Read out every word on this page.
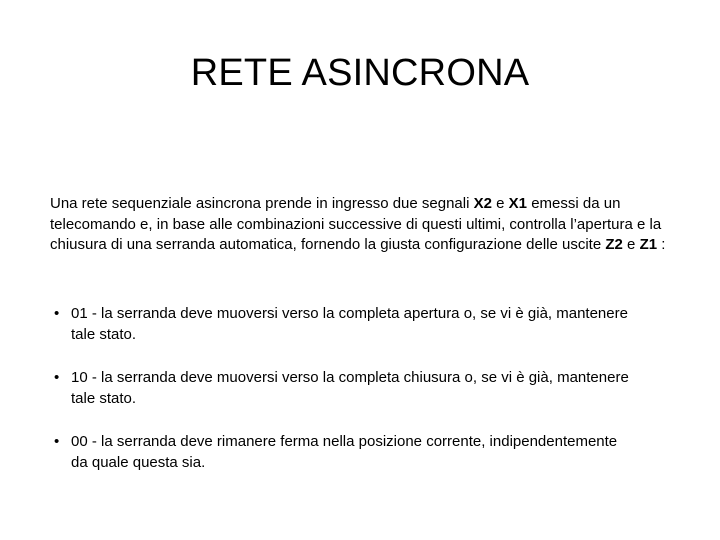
RETE ASINCRONA

Una rete sequenziale asincrona prende in ingresso due segnali X2 e X1 emessi da un telecomando e, in base alle combinazioni successive di questi ultimi, controlla l’apertura e la chiusura di una serranda automatica, fornendo la giusta configurazione delle uscite Z2 e Z1 :

• 01 - la serranda deve muoversi verso la completa apertura o, se vi è già, mantenere tale stato.
• 10 - la serranda deve muoversi verso la completa chiusura o, se vi è già, mantenere tale stato.
• 00 - la serranda deve rimanere ferma nella posizione corrente, indipendentemente da quale questa sia.
